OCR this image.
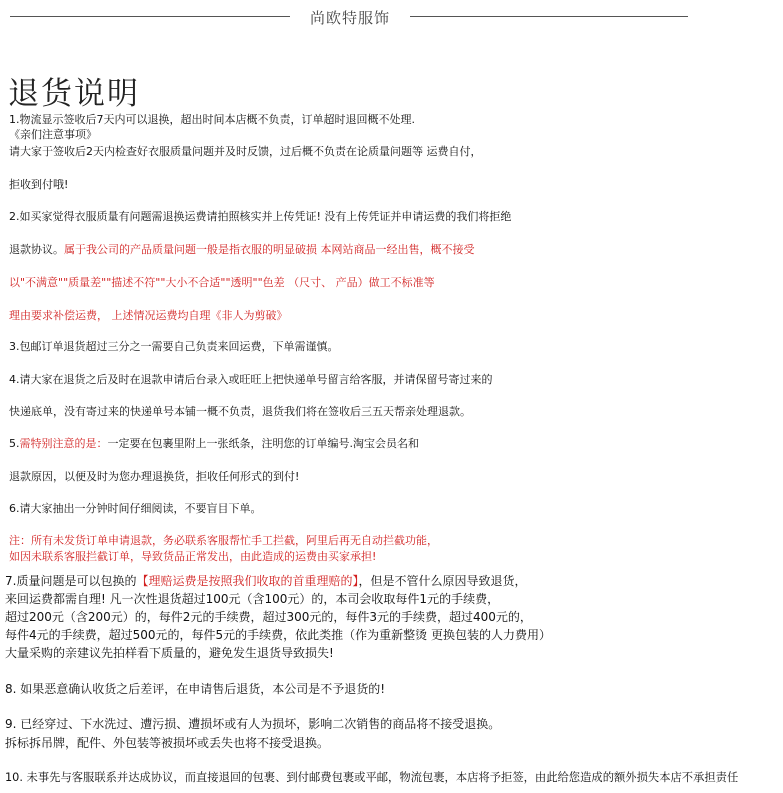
尚欧特服饰
退货说明
1.物流显示签收后7天内可以退换，超出时间本店概不负责，订单超时退回概不处理.
《亲们注意事项》
请大家于签收后2天内检查好衣服质量问题并及时反馈，过后概不负责在论质量问题等 运费自付，
拒收到付哦!
2.如买家觉得衣服质量有问题需退换运费请拍照核实并上传凭证! 没有上传凭证并申请运费的我们将拒绝
退款协议。属于我公司的产品质量问题一般是指衣服的明显破损 本网站商品一经出售，概不接受
以"不满意""质量差""描述不符""大小不合适""透明""色差 （尺寸、 产品）做工不标准等
理由要求补偿运费， 上述情况运费均自理《非人为剪破》
3.包邮订单退货超过三分之一需要自己负责来回运费，下单需谨慎。
4.请大家在退货之后及时在退款申请后台录入或旺旺上把快递单号留言给客服，并请保留号寄过来的
快递底单，没有寄过来的快递单号本铺一概不负责，退货我们将在签收后三五天帮亲处理退款。
5.需特别注意的是：一定要在包裹里附上一张纸条，注明您的订单编号.淘宝会员名和
退款原因，以便及时为您办理退换货，拒收任何形式的到付!
6.请大家抽出一分钟时间仔细阅读，不要盲目下单。
注：所有未发货订单申请退款，务必联系客服帮忙手工拦截，阿里后再无自动拦截功能，
如因未联系客服拦截订单，导致货品正常发出，由此造成的运费由买家承担!
7.质量问题是可以包换的【理赔运费是按照我们收取的首重理赔的】，但是不管什么原因导致退货，
来回运费都需自理! 凡一次性退货超过100元（含100元）的，本司会收取每件1元的手续费，
超过200元（含200元）的，每件2元的手续费，超过300元的，每件3元的手续费，超过400元的，
每件4元的手续费，超过500元的，每件5元的手续费，依此类推（作为重新整烫 更换包装的人力费用）
大量采购的亲建议先拍样看下质量的，避免发生退货导致损失!
8. 如果恶意确认收货之后差评，在申请售后退货，本公司是不予退货的!
9. 已经穿过、下水洗过、遭污损、遭损坏或有人为损坏，影响二次销售的商品将不接受退换。
拆标拆吊牌，配件、外包装等被损坏或丢失也将不接受退换。
10. 未事先与客服联系并达成协议，而直接退回的包裹、到付邮费包裹或平邮，物流包裹，本店将予拒签，由此给您造成的额外损失本店不承担责任
